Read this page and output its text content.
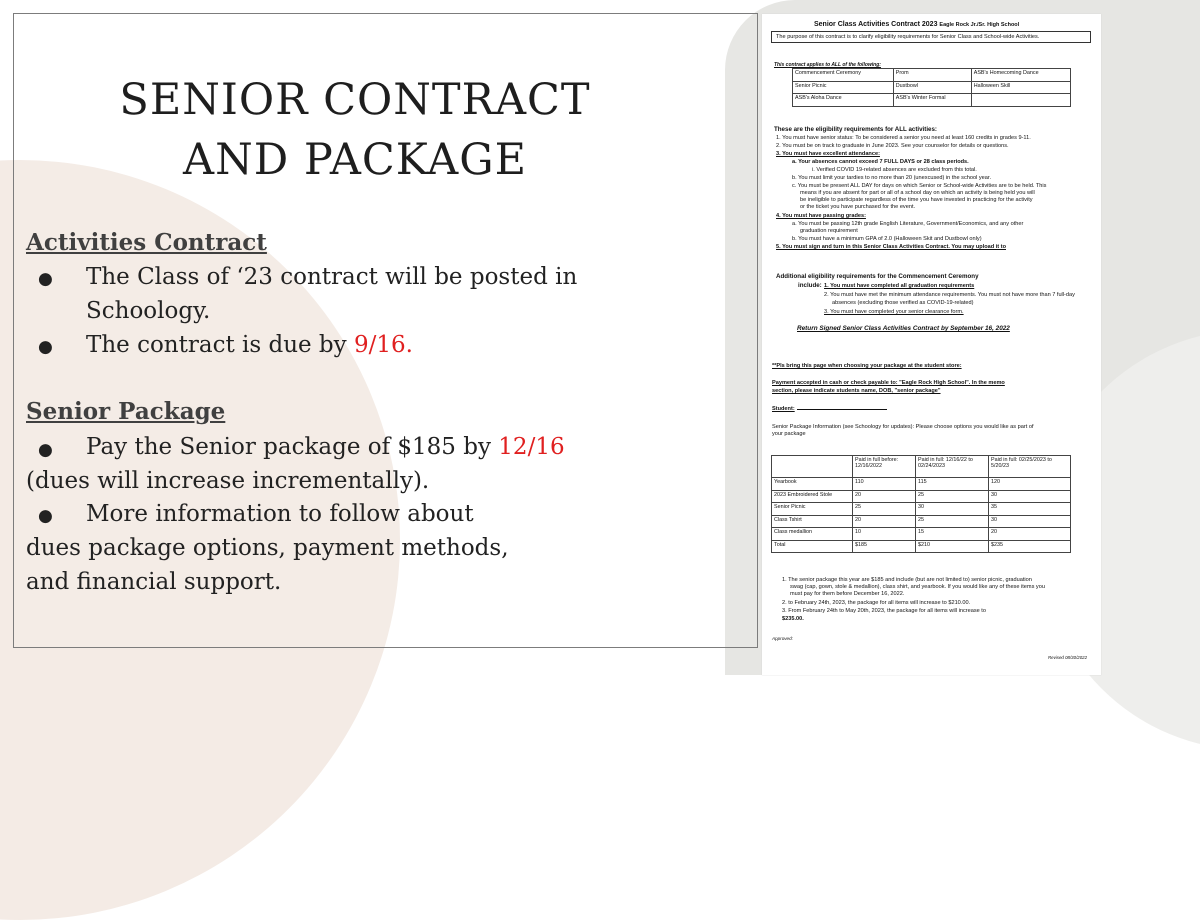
SENIOR CONTRACT
AND PACKAGE
Activities Contract
● The Class of ‘23 contract will be posted in
Schoology.
● The contract is due by 9/16.
Senior Package
● Pay the Senior package of $185 by 12/16
(dues will increase incrementally).
● More information to follow about
dues package options, payment methods,
and financial support.
Senior Class Activities Contract 2023 Eagle Rock Jr./Sr. High School
The purpose of this contract is to clarify eligibility requirements for Senior Class and School-wide Activities.
This contract applies to ALL of the following:
Commencement Ceremony	Prom	ASB's Homecoming Dance
Senior Picnic	Dustbowl	Halloween Skill
ASB's Aloha Dance	ASB's Winter Formal	
These are the eligibility requirements for ALL activities:
1. You must have senior status: To be considered a senior you need at least 160 credits in grades 9-11.
2. You must be on track to graduate in June 2023. See your counselor for details or questions.
3. You must have excellent attendance:
a. Your absences cannot exceed 7 FULL DAYS or 28 class periods.
i. Verified COVID 19-related absences are excluded from this total.
b. You must limit your tardies to no more than 20 (unexcused) in the school year.
c. You must be present ALL DAY for days on which Senior or School-wide Activities are to be held. This
means if you are absent for part or all of a school day on which an activity is being held you will
be ineligible to participate regardless of the time you have invested in practicing for the activity
or the ticket you have purchased for the event.
4. You must have passing grades:
a. You must be passing 12th grade English Literature, Government/Economics, and any other
graduation requirement
b. You must have a minimum GPA of 2.0 (Halloween Skit and Dustbowl only)
5. You must sign and turn in this Senior Class Activities Contract. You may upload it to
Additional eligibility requirements for the Commencement Ceremony
include: 1. You must have completed all graduation requirements
2. You must have met the minimum attendance requirements. You must not have more than 7 full-day
absences (excluding those verified as COVID-19-related)
3. You must have completed your senior clearance form.
Return Signed Senior Class Activities Contract by September 16, 2022
**Pls bring this page when choosing your package at the student store:
Payment accepted in cash or check payable to: "Eagle Rock High School". In the memo
section, please indicate students name, DOB, "senior package"
Student:
Senior Package Information (see Schoology for updates): Please choose options you would like as part of
your package
	Paid in full before: 12/16/2022	Paid in full: 12/16/22 to 02/24/2023	Paid in full: 02/25/2023 to 5/20/23
Yearbook	110	115	120
2023 Embroidered Stole	20	25	30
Senior Picnic	25	30	35
Class Tshirt	20	25	30
Class medallion	10	15	20
Total	$185	$210	$235
1. The senior package this year are $185 and include (but are not limited to) senior picnic, graduation
swag (cap, gown, stole & medallion), class shirt, and yearbook. If you would like any of these items you
must pay for them before December 16, 2022.
2. to February 24th, 2023, the package for all items will increase to $210.00.
3. From February 24th to May 20th, 2023, the package for all items will increase to
$235.00.
Approved:
Revised 08/30/2022
